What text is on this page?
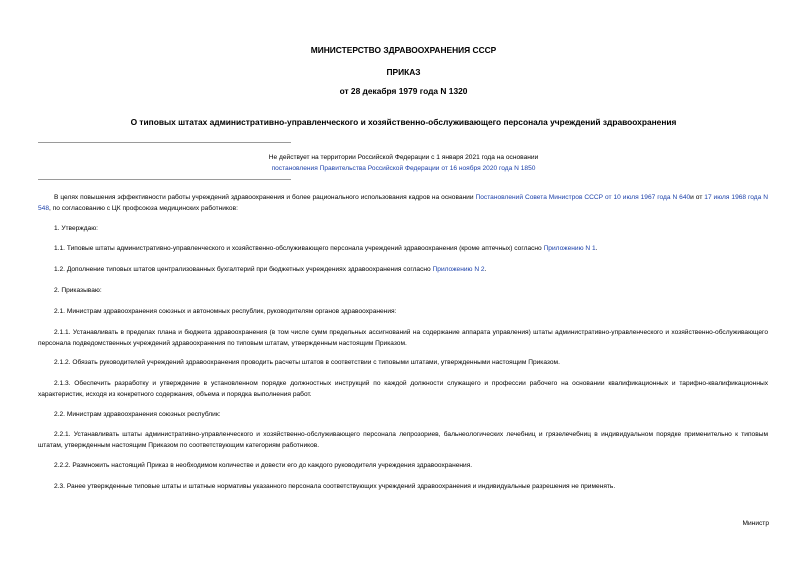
МИНИСТЕРСТВО ЗДРАВООХРАНЕНИЯ СССР
ПРИКАЗ
от 28 декабря 1979 года N 1320
О типовых штатах административно-управленческого и хозяйственно-обслуживающего персонала учреждений здравоохранения
Не действует на территории Российской Федерации с 1 января 2021 года на основании
постановления Правительства Российской Федерации от 16 ноября 2020 года N 1850
В целях повышения эффективности работы учреждений здравоохранения и более рационального использования кадров на основании Постановлений Совета Министров СССР от 10 июля 1967 года N 640и от 17 июля 1968 года N 548, по согласованию с ЦК профсоюза медицинских работников:
1. Утверждаю:
1.1. Типовые штаты административно-управленческого и хозяйственно-обслуживающего персонала учреждений здравоохранения (кроме аптечных) согласно Приложению N 1.
1.2. Дополнение типовых штатов централизованных бухгалтерий при бюджетных учреждениях здравоохранения согласно Приложению N 2.
2. Приказываю:
2.1. Министрам здравоохранения союзных и автономных республик, руководителям органов здравоохранения:
2.1.1. Устанавливать в пределах плана и бюджета здравоохранения (в том числе сумм предельных ассигнований на содержание аппарата управления) штаты административно-управленческого и хозяйственно-обслуживающего персонала подведомственных учреждений здравоохранения по типовым штатам, утвержденным настоящим Приказом.
2.1.2. Обязать руководителей учреждений здравоохранения проводить расчеты штатов в соответствии с типовыми штатами, утвержденными настоящим Приказом.
2.1.3. Обеспечить разработку и утверждение в установленном порядке должностных инструкций по каждой должности служащего и профессии рабочего на основании квалификационных и тарифно-квалификационных характеристик, исходя из конкретного содержания, объема и порядка выполнения работ.
2.2. Министрам здравоохранения союзных республик:
2.2.1. Устанавливать штаты административно-управленческого и хозяйственно-обслуживающего персонала лепрозориев, бальнеологических лечебниц и грязелечебниц в индивидуальном порядке применительно к типовым штатам, утвержденным настоящим Приказом по соответствующим категориям работников.
2.2.2. Размножить настоящий Приказ в необходимом количестве и довести его до каждого руководителя учреждения здравоохранения.
2.3. Ранее утвержденные типовые штаты и штатные нормативы указанного персонала соответствующих учреждений здравоохранения и индивидуальные разрешения не применять.
Министр
